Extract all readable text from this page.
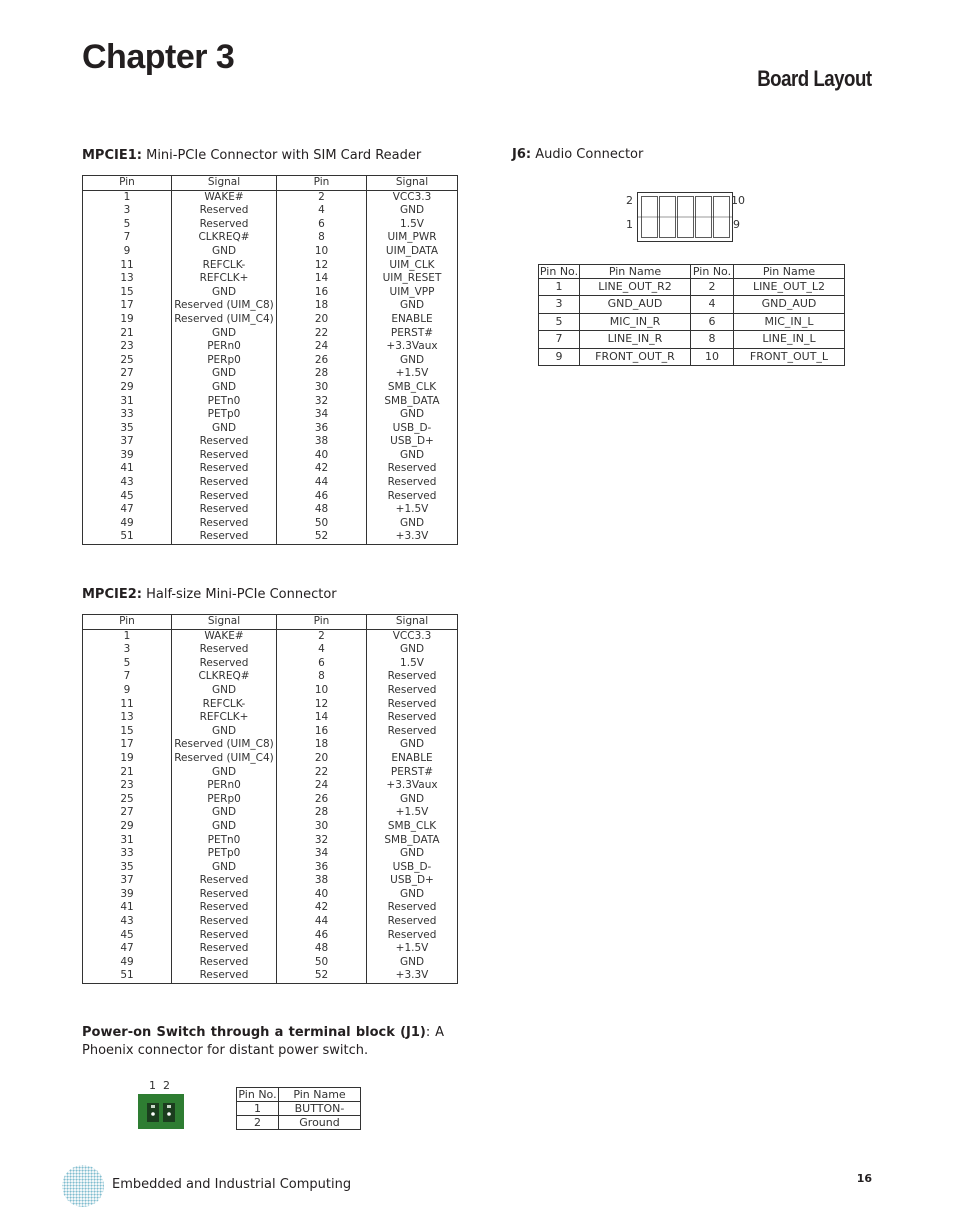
Chapter 3
Board Layout
MPCIE1: Mini-PCIe Connector with SIM Card Reader
Pin	Signal	Pin	Signal
1	WAKE#	2	VCC3.3
3	Reserved	4	GND
5	Reserved	6	1.5V
7	CLKREQ#	8	UIM_PWR
9	GND	10	UIM_DATA
11	REFCLK-	12	UIM_CLK
13	REFCLK+	14	UIM_RESET
15	GND	16	UIM_VPP
17	Reserved (UIM_C8)	18	GND
19	Reserved (UIM_C4)	20	ENABLE
21	GND	22	PERST#
23	PERn0	24	+3.3Vaux
25	PERp0	26	GND
27	GND	28	+1.5V
29	GND	30	SMB_CLK
31	PETn0	32	SMB_DATA
33	PETp0	34	GND
35	GND	36	USB_D-
37	Reserved	38	USB_D+
39	Reserved	40	GND
41	Reserved	42	Reserved
43	Reserved	44	Reserved
45	Reserved	46	Reserved
47	Reserved	48	+1.5V
49	Reserved	50	GND
51	Reserved	52	+3.3V
MPCIE2: Half-size Mini-PCIe Connector
Pin	Signal	Pin	Signal
1	WAKE#	2	VCC3.3
3	Reserved	4	GND
5	Reserved	6	1.5V
7	CLKREQ#	8	Reserved
9	GND	10	Reserved
11	REFCLK-	12	Reserved
13	REFCLK+	14	Reserved
15	GND	16	Reserved
17	Reserved (UIM_C8)	18	GND
19	Reserved (UIM_C4)	20	ENABLE
21	GND	22	PERST#
23	PERn0	24	+3.3Vaux
25	PERp0	26	GND
27	GND	28	+1.5V
29	GND	30	SMB_CLK
31	PETn0	32	SMB_DATA
33	PETp0	34	GND
35	GND	36	USB_D-
37	Reserved	38	USB_D+
39	Reserved	40	GND
41	Reserved	42	Reserved
43	Reserved	44	Reserved
45	Reserved	46	Reserved
47	Reserved	48	+1.5V
49	Reserved	50	GND
51	Reserved	52	+3.3V
J6: Audio Connector
2
1
10
9
Pin No.	Pin Name	Pin No.	Pin Name
1	LINE_OUT_R2	2	LINE_OUT_L2
3	GND_AUD	4	GND_AUD
5	MIC_IN_R	6	MIC_IN_L
7	LINE_IN_R	8	LINE_IN_L
9	FRONT_OUT_R	10	FRONT_OUT_L
Power-on Switch through a terminal block (J1): A Phoenix connector for distant power switch.
1  2
Pin No.	Pin Name
1	BUTTON-
2	Ground
Embedded and Industrial Computing	16
